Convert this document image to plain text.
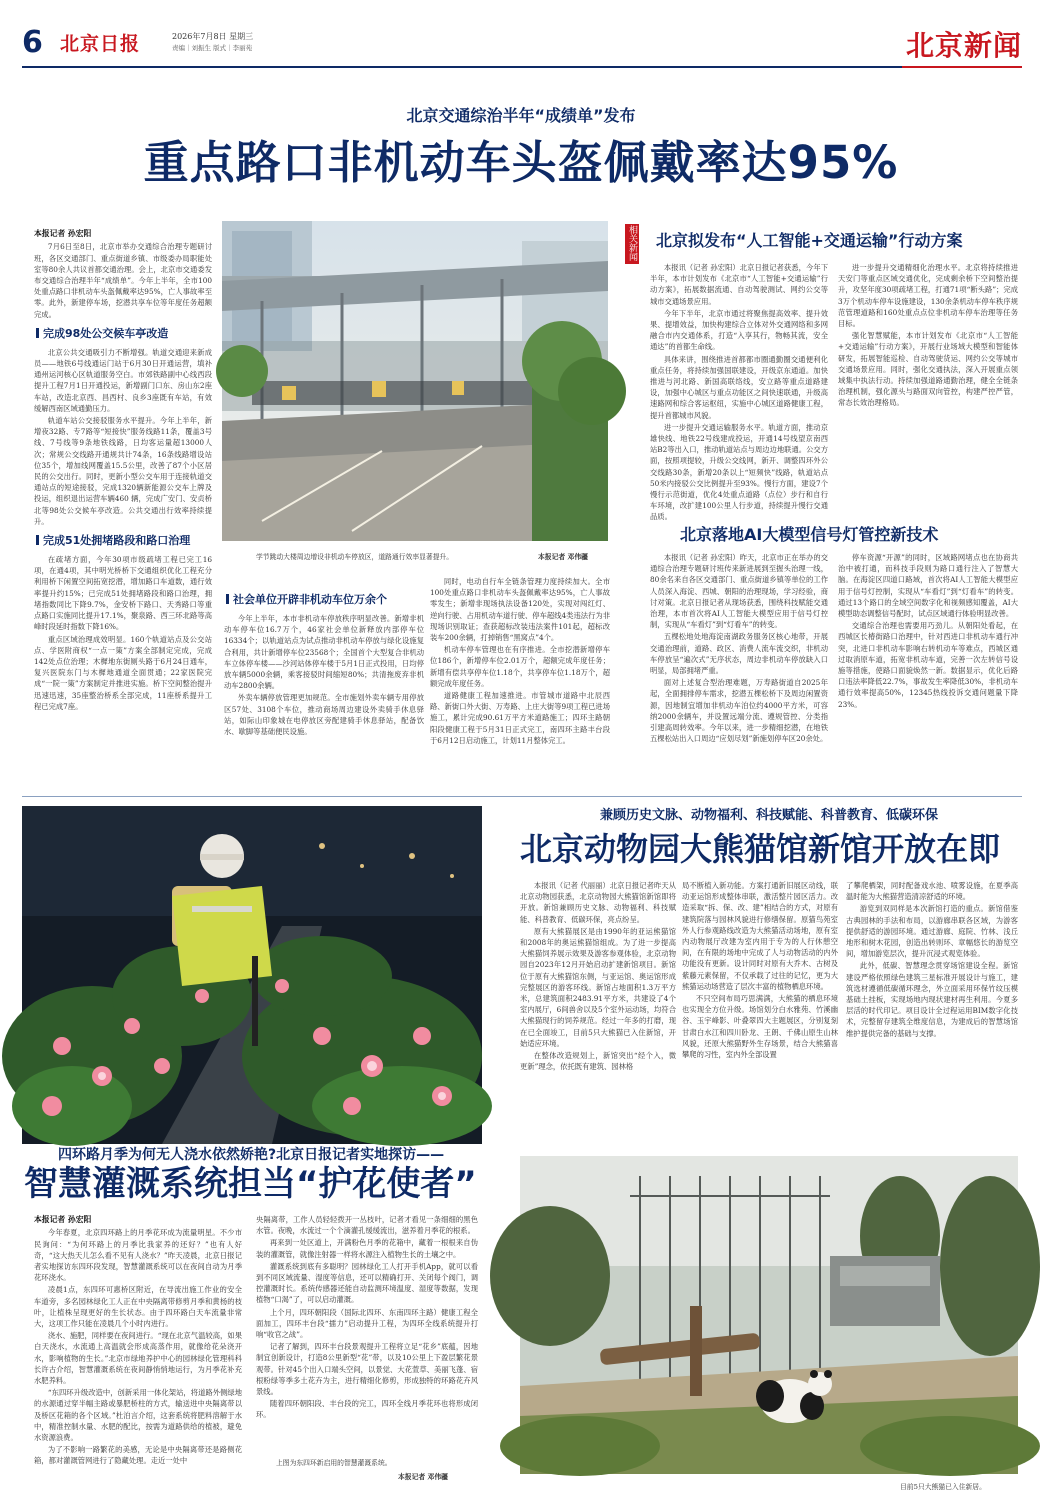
6 北京日报	2026年7月8日 星期三
责编｜刘振生 版式｜李丽苑	北京新闻
北京交通综治半年“成绩单”发布
重点路口非机动车头盔佩戴率达95%
本报记者 孙宏阳

7月6日至8日，北京市举办交通综合治理专题研讨班，各区交通部门、重点街道乡镇、市级委办局职能处室等80余人共议首都交通治理。会上，北京市交通委发布交通综合治理半年“成绩单”。今年上半年，全市100处重点路口非机动车头盔佩戴率达95%，亡人事故率至零。此外，新建停车场，挖潜共享车位等年度任务超额完成。

完成98处公交候车亭改造

北京公共交通吸引力不断增强。轨道交通迎来新成员——地铁6号线通运门站于6月30日开通运营，填补通州运河核心区轨道服务空白。市郊铁路副中心线西段提升工程7月1日开通投运，新增副门口东、房山东2座车站，改造北京西、昌西村、良乡3座既有车站，有效缓解西南区域通勤压力。

轨道车站公交接驳服务水平提升。今年上半年，新增夜32路、专7路等“短接快”服务线路11条，覆盖3号线、7号线等9条地铁线路，日均客运量超13000人次；常规公交线路开通规共计74条，16条线路增设站位35个，增加线网覆盖15.5公里，改善了87个小区居民的公交出行。同时，更新小型公交车用于连接轨道交通站点的短途接驳，完成1320辆新能源公交车上牌及投运，组织退出运营车辆460 辆，完成广安门、安贞桥北等98处公交候车亭改造。公共交通出行效率持续提升。

完成51处拥堵路段和路口治理

在疏堵方面，今年30项市级疏堵工程已完工16项，在通4项，其中明光桥桥下交通组织优化工程充分利用桥下闲置空间拓宽挖潜，增加路口车道数，通行效率提升约15%；已完成51处拥堵路段和路口治理，拥堵指数同比下降9.7%，金安桥下路口、天秀路口等重点路口实施同比提升17.1%，聚泉路、西三环北路等高峰时段延时指数下降16%。

重点区域治理成效明显。160个轨道站点及公交站点、学医附商权“一点一策”方案全部制定完成，完成142处点位治理；木樨地东街厕头路于6月24日通车，复兴医院东门与木樨地通道全面贯通；22家医院完成“一院一策”方案制定并推进实施。桥下空间整治提升迅速迅速，35座整治桥系全部完成，11座桥系提升工程已完成7座。

学节跳动大楼周边增设非机动车停放区，道路通行效率显著提升。	本报记者 邓伟疆
社会单位开辟非机动车位万余个

今年上半年，本市非机动车停放秩序明显改善。新增非机动车停车位16.7万个，46家社会单位新释放内部停车位16334个；以轨道站点为试点推动非机动车停放与绿化设施复合利用，共计新增停车位23568个；全国首个大型复合非机动车立体停车楼——沙河站体停车楼于5月1日正式投用，日均停放车辆5000余辆，乘客接驳时间缩短80%；共清拖废弃非机动车2800余辆。

外卖车辆停放管理更加规范。全市施划外卖车辆专用停放区57处、3108个车位，推动商场周边建设外卖骑手休息驿站，如际山印象城在电停放区旁配建骑手休息驿站，配备饮水、歇脚等基础便民设施。

同时，电动自行车全链条管理力度持续加大。全市100处重点路口非机动车头盔佩戴率达95%，亡人事故零发生；新增非现场执法设备120处，实现对闯红灯、逆向行驶、占用机动车道行驶、停车超线4类违法行为非现场识别取证；查获超标改装违法案件101起，超标改装车200余辆，打掉销售“黑窝点”4个。

机动车停车管理也在有序推进。全市挖潜新增停车位186个，新增停车位2.01万个，超额完成年度任务；新增有偿共享停车位1.18个，共享停车位1.18万个，超额完成年度任务。

道路健康工程加速推进。市管城市道路中北辰西路、新街口外大街、万寿路、上庄大街等9项工程已进场施工，累计完成90.61万平方米道路施工；四环主路朝阳段健康工程于5月31日正式完工，南四环主路丰台段于6月12日启动施工，计划11月整体完工。

相关新闻 北京拟发布“人工智能+交通运输”行动方案

本报讯（记者 孙宏阳）北京日报记者获悉，今年下半年，本市计划发布《北京市“人工智能+交通运输”行动方案》，拓展数据流通、自动驾驶测试、网约公交等城市交通场景应用。

今年下半年，北京市通过将聚焦提高效率、提升效果、提增效益，加快构建综合立体对外交通网络和多网融合市内交通体系，打造“入享其行，物畅其流，安全通达”的首都生命线。

具体来讲，围绕推进首都都市圈通勤圈交通便利化重点任务，将持续加强国联建设，开级京东通道。加快推进与河北路、新国高联络线，安立路等重点道路建设，加强中心城区与重点功能区之间快速联通，升级高速路网和综合客运枢纽，实施中心城区道路健康工程，提升首都城市风貌。

进一步提升交通运输服务水平。轨道方面，推动京雄快线、地铁22号线建成投运，开通14号线望京南西站B2等出入口，推动轨道站点与周边边地联通。公交方面，按照项提较，升级公交线网，新开、调整四环外公交线路30条，新增20条以上“短频快”线路，轨道站点50米内接驳公交比例提升至93%。慢行方面，建设7个慢行示范街道，优化4处重点道路（点位）步行和自行车环境，改扩建100公里人行步道，持续提升慢行交通品质。

进一步提升交通精细化治理水平。北京将持续推进天安门等重点区域交通优化，完成剩余桥下空间整治提升，攻坚年度30项疏堵工程，打通71项“断头路”；完成3万个机动车停车设施建设，130余条机动车停车秩序规范管理道路和160处重点点位非机动车停车治理等任务目标。

强化智慧赋能，本市计划发布《北京市“人工智能+交通运输”行动方案》，开展行业场域大模型和智能体研发，拓展智能巡检、自动驾驶货运、网约公交等城市交通场景应用。同时，强化交通执法，深入开展重点领域集中执法行动。持续加强道路通勤治理，健全全链条治理机制，强化源头与路面双向管控，构建严控严管，常态长效治理格局。

北京落地AI大模型信号灯管控新技术

本报讯（记者 孙宏阳）昨天，北京市正在举办的交通综合治理专题研讨班传来新进展到至握头治理一线，80余名来自各区交通部门、重点街道乡镇等单位的工作人员深入海淀、西城、朝阳的治理现场，学习经验，商讨对策。北京日报记者从现场获悉，围绕科技赋能交通治理，本市首次将AI人工智能大模型应用于信号灯控制，实现从“车看灯”到“灯看车”的转变。

五棵松地处地海淀南湖政务服务区核心地带，开展交通治理前，道路、政区、消费人流车流交织，非机动车停放呈“遍次式”无序状态，周边非机动车停放缺入口明显，局部拥堵严重。

面对上述复合型治理难题，万寿路街道自2025年起，全面拥排停车需求，挖潜五棵松桥下及周边闲置资源，因地制宜增加非机动车泊位约4000平方米，可容纳2000余辆车，并设置远端分流、遵规管控、分类指引建高周转效率。今年以来，进一步精细挖潜，在地铁五棵松站出入口周边“应划尽划”新施划停车区20余处。

停车资源“开源”的同时，区域路网堵点也在协商共治中被打通，而科技手段则为路口通行注入了智慧大脑。在海淀区四道口路域，首次将AI人工智能大模型应用于信号灯控制，实现从“车看灯”到“灯看车”的转变。通过13个路口的全域空间数字化和视频感知覆盖，AI大模型助态调整信号配时，试点区域通行体验明显改善。

交通综合治理也需要用巧劲儿。从朝阳处看起，在西城区长椿街路口治理中，针对西进口非机动车通行冲突，北进口非机动车影响右转机动车等难点，西城区通过取消原车道，拓宽非机动车道，完善一次左转信号设施等措施，使路口面貌焕然一新。数据显示，优化后路口违法率降低22.7%，事故发生率降低30%，非机动车通行效率提高50%，12345热线投诉交通问题量下降23%。

四环路月季为何无人浇水依然娇艳?北京日报记者实地探访——
智慧灌溉系统担当“护花使者”
本报记者 孙宏阳

今年春夏，北京四环路上的月季花环成为流量明星。不少市民询问：“为何环路上的月季比我家养的还好？”也有人好奇，“这大热天儿怎么看不见有人浇水？”昨天凌晨，北京日报记者实地探访东四环段发现，智慧灌溉系统可以在夜间自动为月季花环浇水。

凌晨1点，东四环可惠桥区附近，在导流出施工作业的安全车道旁，多名园林绿化工人正在中央隔离带修剪月季和黄杨的枝叶，让植株呈现更好的生长状态。由于四环路白天车流量非常大，这项工作只能在凌晨几个小时内进行。

浇水、施肥，同样要在夜间进行。“现在北京气温较高，如果白天浇水，水流通上高温就会形成高蒸作用，就像给花朵浇开水，影响植物的生长。”北京市绿地养护中心的园林绿化管理科科长许古介绍，智慧灌溉系统在夜间静悄悄地运行，为月季花补充水肥养料。

“东四环升级改造中，创新采用一体化架站，将道路外侧绿地的水源通过穿半幅主路或暴肥桥柱的方式，输送进中央隔离带以及桥区花箱的各个区域。”杜泊言介绍，这套系统将肥料溶解于水中，精准控制水量、水肥的配比，按需为道路供给的植被，避免水资源浪费。

为了不影响一路繁花的美感，无论是中央隔离带还是路侧花箱，都对灌溉管网进行了隐藏处理。走近一处中

央隔离带，工作人员轻轻拨开一丛枝叶，记者才看见一条细细的黑色水管。夜晚，水流过一个个滴灌孔缓缓流出，滋养着月季花的根系。

再来到一处区道上，开满粉色月季的花箱中，藏着一根根来自伪装的灌溉管，就像注射器一样将水源注入植物生长的土壤之中。

灌溉系统到底有多聪明？园林绿化工人打开手机App，就可以看到不同区域流量、湿度等信息，还可以精确打开、关闭每个阀门，调控灌溉时长。系统传感器还能自动监测环境温度、湿度等数据，发现植物“口渴”了，可以启动灌溉。

上个月，四环朝阳段（国际北四环、东南四环主路）健康工程全面加工，四环丰台段“擂力”启动提升工程，为四环全线系统提升打响“收官之战”。

记者了解到，四环丰台段景观提升工程将立足“花乡”底蕴，因地制宜创新设计，打造8公里新型“花”带，以及10公里上下盈层繁花景观带。针对45个出入口端头空间，以景觉、大花萱草、美丽飞蓬、宿根粉绿等季多土花卉为主，进行精细化修剪，形成独特的环路花卉风景线。

随着四环朝阳段、丰台段的完工，四环全线月季花环也将形成闭环。

上图为东四环新启用的智慧灌溉系统。
本报记者 邓伟疆
兼顾历史文脉、动物福利、科技赋能、科普教育、低碳环保
北京动物园大熊猫馆新馆开放在即

本报讯（记者 代丽丽）北京日报记者昨天从北京动物园获悉，北京动物园大熊猫馆新馆即将开放。新馆兼顾历史文脉、动物福利、科技赋能、科普教育、低碳环保，亮点纷呈。

原有大熊猫展区是由1990年的亚运熊猫馆和2008年的奥运熊猫馆组成。为了进一步提高大熊猫饲养展示效果及游客参观体验，北京动物园自2023年12月开始启动扩建新馆项目。新馆位于原有大熊猫馆东侧，与亚运馆、奥运馆形成完整展区的游客环线。新馆占地面积1.3万平方米，总建筑面积2483.91平方米，共建设了4个室内展厅，6间兽舍以及5个室外运动场，均符合大熊猫现行的饲养规范。经过一年多的打磨，现在已全面竣工，目前5只大熊猫已入住新馆，开始适应环境。

在整体改造规划上，新馆突出“经个入，微更新”理念，依托既有建筑、园林格

局不断植入新功能。方案打通新旧展区动线，联动亚运馆形成整体串联，激活整片园区活力。改造采取“拆、保、改、建”相结合的方式，对原有建筑院落与园林风貌进行修缮保留。原猫鸟苑室外人行参观路线改造为大熊猫活动场地，原有室内动物展厅改建为室内用于专为的人行休憩空间，在有限的场地中完成了人与动物活动的内外功能没有更新。设计同时对原有大乔木、古树及紫藤元素保留，不仅承载了过往的记忆，更为大熊猫运动场营造了层次丰富的植物栖息环境。

不只空间布局巧思满满，大熊猫的栖息环境也实现全方位升级。场馆划分白水雅苑、竹溪幽谷、玉宇峰影、叶叠翠四大主题展区，分别复刻甘肃白水江和四川卧龙、王朗、千佛山原生山林风貌，还原大熊猫野外生存场景，结合大熊猫喜攀爬的习性，室内外全部设置

了攀爬栖架，同时配备戏水池、喷雾设施，在夏季高温时能为大熊猫营造清凉舒适的环境。

游览到双同样是本次新馆打造的重点。新馆借鉴古典园林的手法和布局，以游廊串联各区域，为游客提供舒适的游园环境。通过游廊、庭院、竹林、浅丘地形和树木花园，创造出转则环、章幅悠长的游览空间，增加游览层次，提升沉浸式观览体验。

此外，低碳、智慧理念贯穿场馆建设全程。新馆建设严格依照绿色建筑三星标准开展设计与施工，建筑选材遵循低碳循环理念，外立面采用环保竹纹压模基础土挂板，实现场地内现状建材再生利用。今夏多层活的时代印记。项目设计全过程运用BIM数字化技术，完整留存建筑全维度信息，为建成后的智慧场馆维护提供完备的基础与支撑。

目前5只大熊猫已入住新居。
